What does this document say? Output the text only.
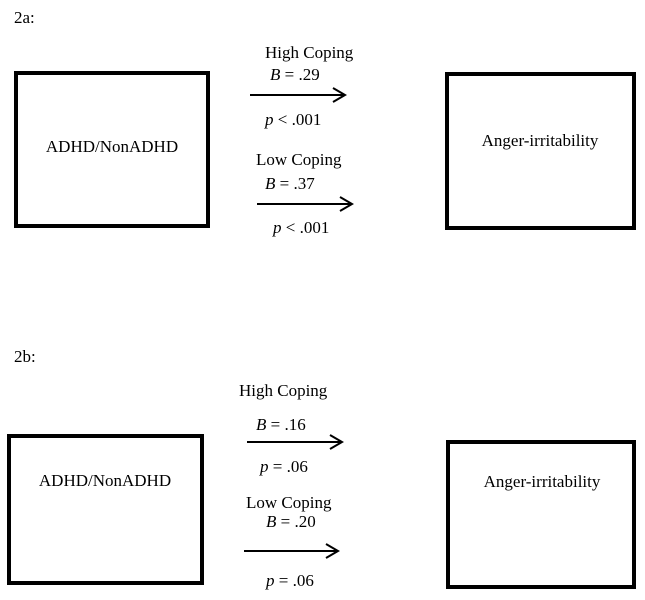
2a:
ADHD/NonADHD	Anger-irritability
High Coping
B = .29
p < .001
Low Coping
B = .37
p < .001
2b:
ADHD/NonADHD	Anger-irritability
High Coping
B = .16
p = .06
Low Coping
B = .20
p = .06
